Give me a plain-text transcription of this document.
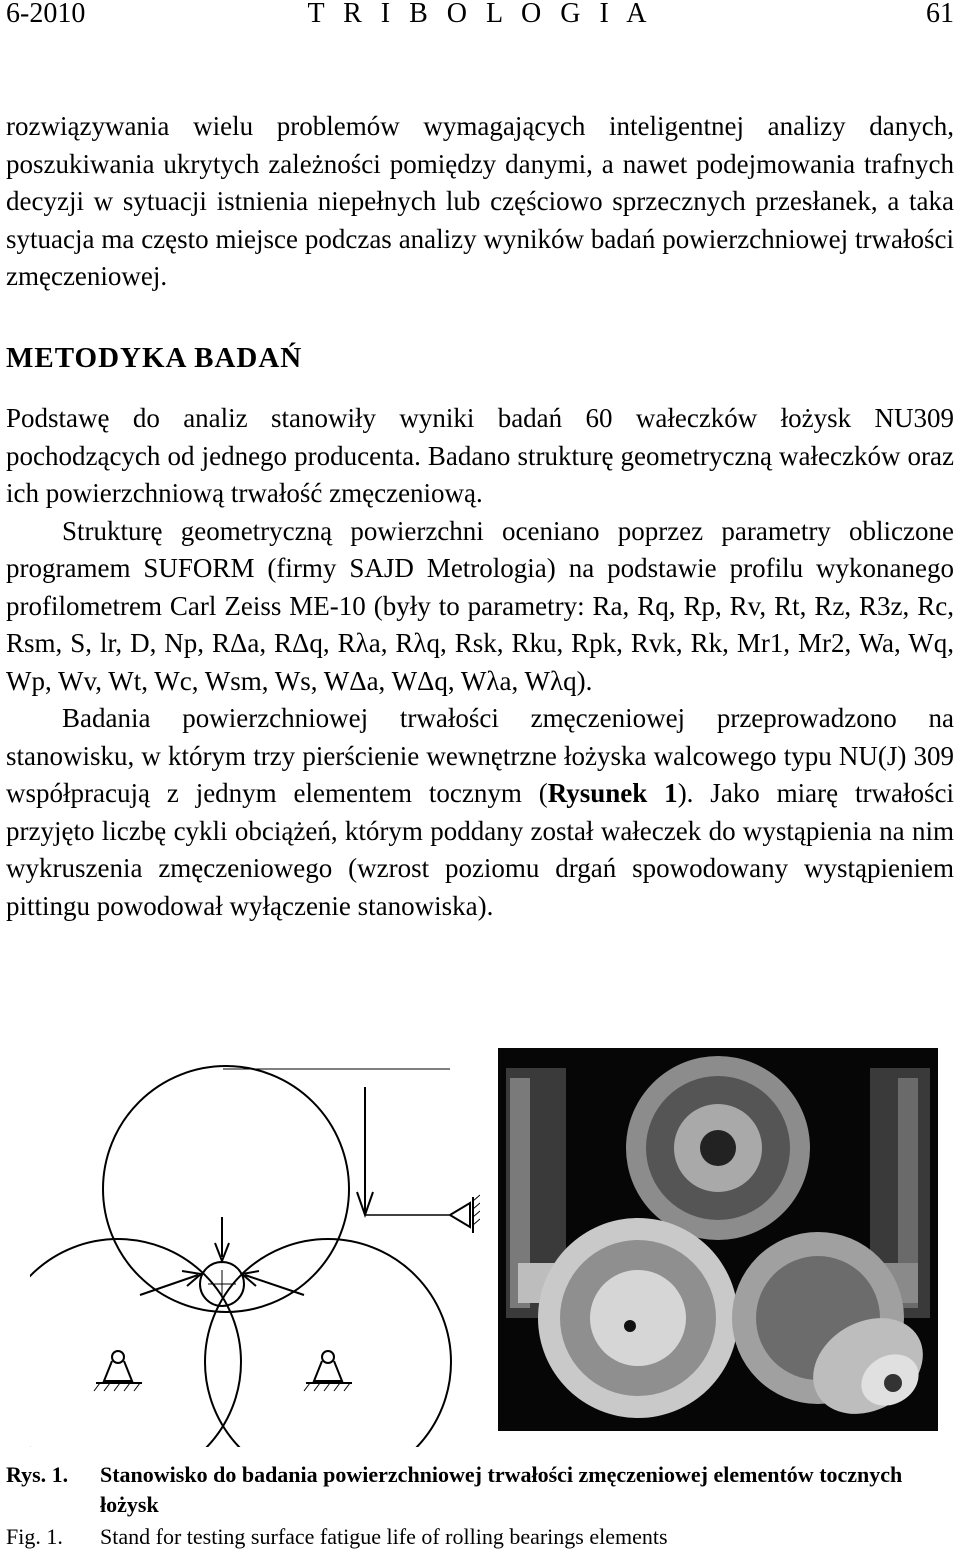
6-2010	T R I B O L O G I A	61

rozwiązywania wielu problemów wymagających inteligentnej analizy danych, poszukiwania ukrytych zależności pomiędzy danymi, a nawet podejmowania trafnych decyzji w sytuacji istnienia niepełnych lub częściowo sprzecznych przesłanek, a taka sytuacja ma często miejsce podczas analizy wyników badań powierzchniowej trwałości zmęczeniowej.

METODYKA BADAŃ

Podstawę do analiz stanowiły wyniki badań 60 wałeczków łożysk NU309 pochodzących od jednego producenta. Badano strukturę geometryczną wałeczków oraz ich powierzchniową trwałość zmęczeniową.

Strukturę geometryczną powierzchni oceniano poprzez parametry obliczone programem SUFORM (firmy SAJD Metrologia) na podstawie profilu wykonanego profilometrem Carl Zeiss ME-10 (były to parametry: Ra, Rq, Rp, Rv, Rt, Rz, R3z, Rc, Rsm, S, lr, D, Np, RΔa, RΔq, Rλa, Rλq, Rsk, Rku, Rpk, Rvk, Rk, Mr1, Mr2, Wa, Wq, Wp, Wv, Wt, Wc, Wsm, Ws, WΔa, WΔq, Wλa, Wλq).

Badania powierzchniowej trwałości zmęczeniowej przeprowadzono na stanowisku, w którym trzy pierścienie wewnętrzne łożyska walcowego typu NU(J) 309 współpracują z jednym elementem tocznym (Rysunek 1). Jako miarę trwałości przyjęto liczbę cykli obciążeń, którym poddany został wałeczek do wystąpienia na nim wykruszenia zmęczeniowego (wzrost poziomu drgań spowodowany wystąpieniem pittingu powodował wyłączenie stanowiska).

Rys. 1.	Stanowisko do badania powierzchniowej trwałości zmęczeniowej elementów tocznych łożysk
Fig. 1.	Stand for testing surface fatigue life of rolling bearings elements
